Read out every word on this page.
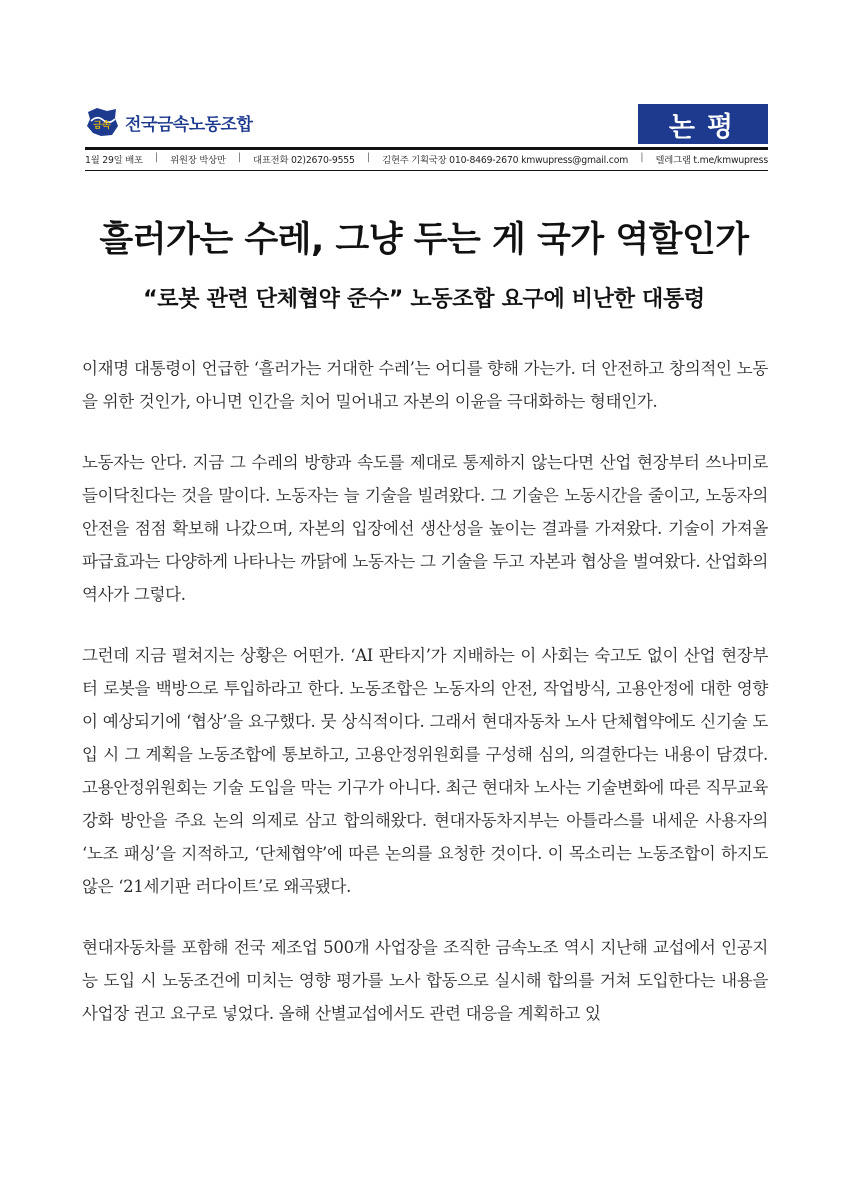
금속 전국금속노동조합	논평
1월 29일 배포 | 위원장 박상만 | 대표전화 02)2670-9555 | 김현주 기획국장 010-8469-2670 kmwupress@gmail.com | 텔레그램 t.me/kmwupress
흘러가는 수레, 그냥 두는 게 국가 역할인가
“로봇 관련 단체협약 준수” 노동조합 요구에 비난한 대통령

이재명 대통령이 언급한 ‘흘러가는 거대한 수레’는 어디를 향해 가는가. 더 안전하고 창의적인 노동을 위한 것인가, 아니면 인간을 치어 밀어내고 자본의 이윤을 극대화하는 형태인가.

노동자는 안다. 지금 그 수레의 방향과 속도를 제대로 통제하지 않는다면 산업 현장부터 쓰나미로 들이닥친다는 것을 말이다. 노동자는 늘 기술을 빌려왔다. 그 기술은 노동시간을 줄이고, 노동자의 안전을 점점 확보해 나갔으며, 자본의 입장에선 생산성을 높이는 결과를 가져왔다. 기술이 가져올 파급효과는 다양하게 나타나는 까닭에 노동자는 그 기술을 두고 자본과 협상을 벌여왔다. 산업화의 역사가 그렇다.

그런데 지금 펼쳐지는 상황은 어떤가. ‘AI 판타지’가 지배하는 이 사회는 숙고도 없이 산업 현장부터 로봇을 백방으로 투입하라고 한다. 노동조합은 노동자의 안전, 작업방식, 고용안정에 대한 영향이 예상되기에 ‘협상’을 요구했다. 뭇 상식적이다. 그래서 현대자동차 노사 단체협약에도 신기술 도입 시 그 계획을 노동조합에 통보하고, 고용안정위원회를 구성해 심의, 의결한다는 내용이 담겼다. 고용안정위원회는 기술 도입을 막는 기구가 아니다. 최근 현대차 노사는 기술변화에 따른 직무교육 강화 방안을 주요 논의 의제로 삼고 합의해왔다. 현대자동차지부는 아틀라스를 내세운 사용자의 ‘노조 패싱’을 지적하고, ‘단체협약’에 따른 논의를 요청한 것이다. 이 목소리는 노동조합이 하지도 않은 ‘21세기판 러다이트’로 왜곡됐다.

현대자동차를 포함해 전국 제조업 500개 사업장을 조직한 금속노조 역시 지난해 교섭에서 인공지능 도입 시 노동조건에 미치는 영향 평가를 노사 합동으로 실시해 합의를 거쳐 도입한다는 내용을 사업장 권고 요구로 넣었다. 올해 산별교섭에서도 관련 대응을 계획하고 있
